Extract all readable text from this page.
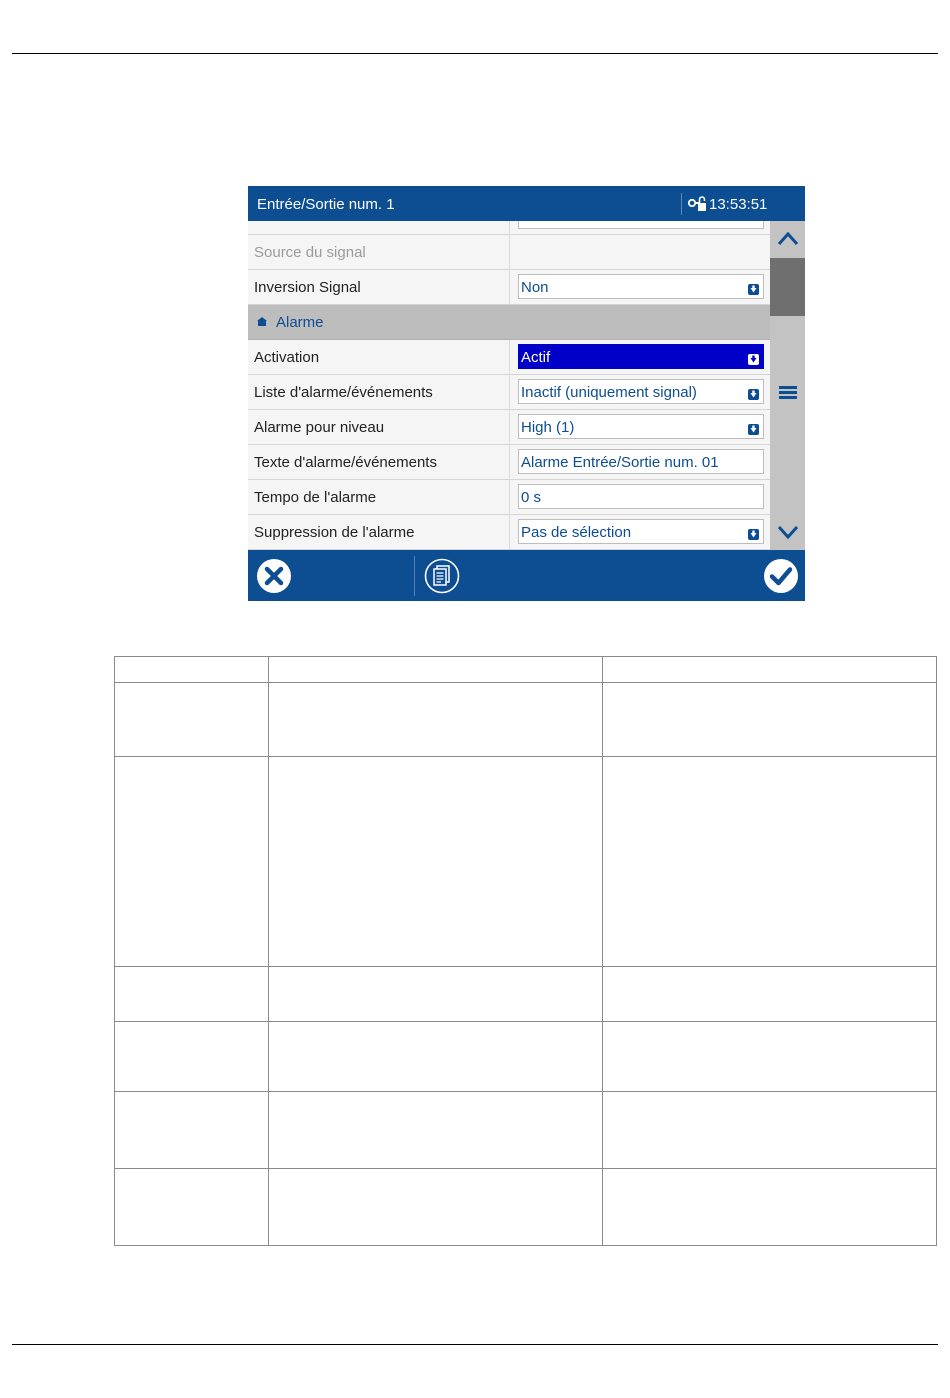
Entrée/Sortie num. 1	13:53:51
Source du signal
Inversion Signal	Non
Alarme
Activation	Actif
Liste d'alarme/événements	Inactif (uniquement signal)
Alarme pour niveau	High (1)
Texte d'alarme/événements	Alarme Entrée/Sortie num. 01
Tempo de l'alarme	0 s
Suppression de l'alarme	Pas de sélection
